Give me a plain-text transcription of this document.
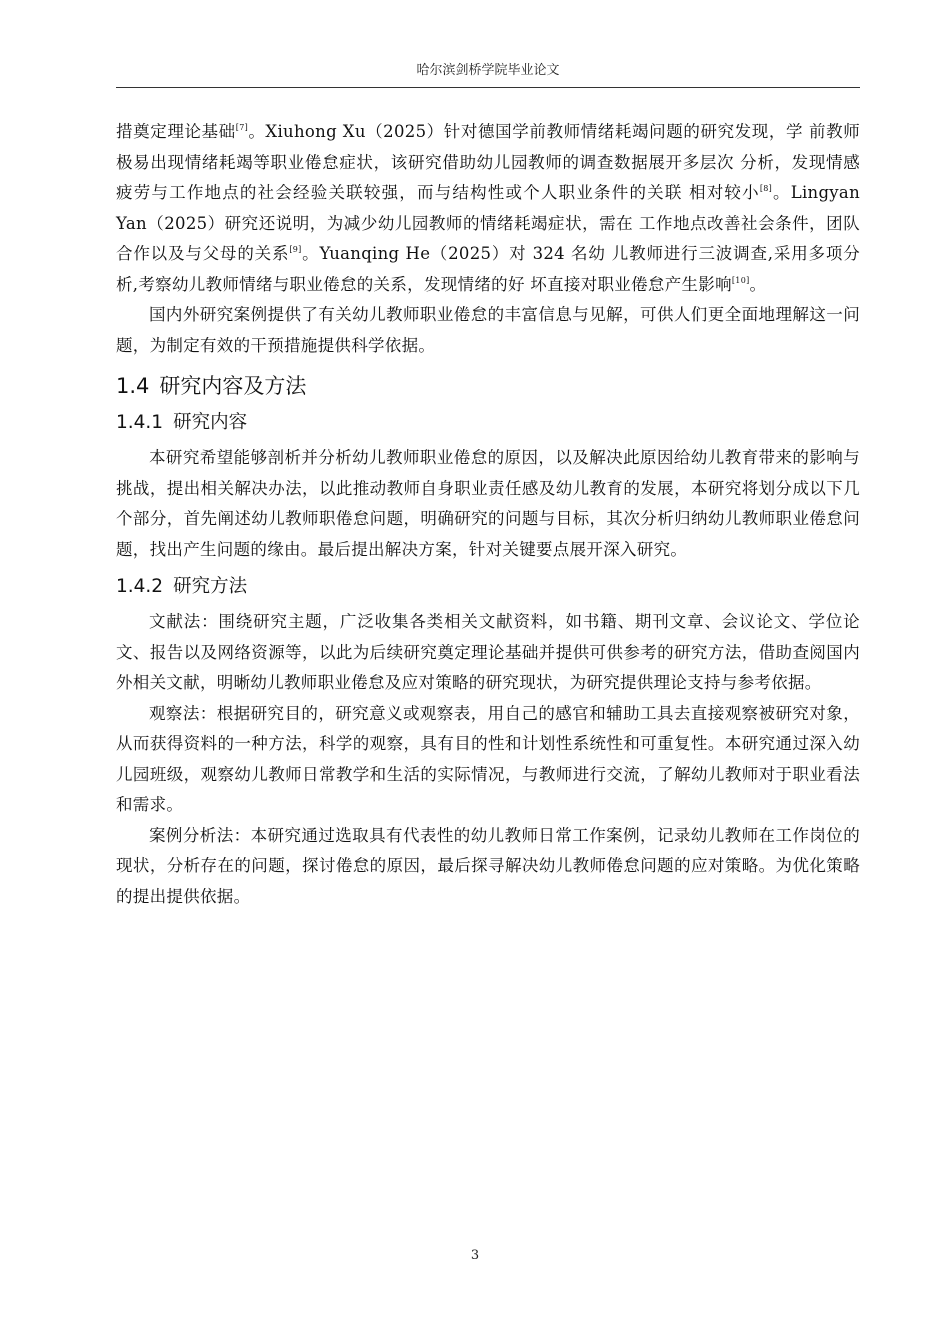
哈尔滨剑桥学院毕业论文

措奠定理论基础[7]。Xiuhong Xu（2025）针对德国学前教师情绪耗竭问题的研究发现，学 前教师极易出现情绪耗竭等职业倦怠症状，该研究借助幼儿园教师的调查数据展开多层次 分析，发现情感疲劳与工作地点的社会经验关联较强，而与结构性或个人职业条件的关联 相对较小[8]。Lingyan Yan（2025）研究还说明，为减少幼儿园教师的情绪耗竭症状，需在 工作地点改善社会条件，团队合作以及与父母的关系[9]。Yuanqing He（2025）对 324 名幼 儿教师进行三波调查,采用多项分析,考察幼儿教师情绪与职业倦怠的关系，发现情绪的好 坏直接对职业倦怠产生影响[10]。

国内外研究案例提供了有关幼儿教师职业倦怠的丰富信息与见解，可供人们更全面地理解这一问题，为制定有效的干预措施提供科学依据。

1.4 研究内容及方法
1.4.1 研究内容

本研究希望能够剖析并分析幼儿教师职业倦怠的原因，以及解决此原因给幼儿教育带来的影响与挑战，提出相关解决办法，以此推动教师自身职业责任感及幼儿教育的发展，本研究将划分成以下几个部分，首先阐述幼儿教师职倦怠问题，明确研究的问题与目标，其次分析归纳幼儿教师职业倦怠问题，找出产生问题的缘由。最后提出解决方案，针对关键要点展开深入研究。

1.4.2 研究方法

文献法：围绕研究主题，广泛收集各类相关文献资料，如书籍、期刊文章、会议论文、学位论文、报告以及网络资源等，以此为后续研究奠定理论基础并提供可供参考的研究方法，借助查阅国内外相关文献，明晰幼儿教师职业倦怠及应对策略的研究现状，为研究提供理论支持与参考依据。

观察法：根据研究目的，研究意义或观察表，用自己的感官和辅助工具去直接观察被研究对象，从而获得资料的一种方法，科学的观察，具有目的性和计划性系统性和可重复性。本研究通过深入幼儿园班级，观察幼儿教师日常教学和生活的实际情况，与教师进行交流，了解幼儿教师对于职业看法和需求。

案例分析法：本研究通过选取具有代表性的幼儿教师日常工作案例，记录幼儿教师在工作岗位的现状，分析存在的问题，探讨倦怠的原因，最后探寻解决幼儿教师倦怠问题的应对策略。为优化策略的提出提供依据。

3
